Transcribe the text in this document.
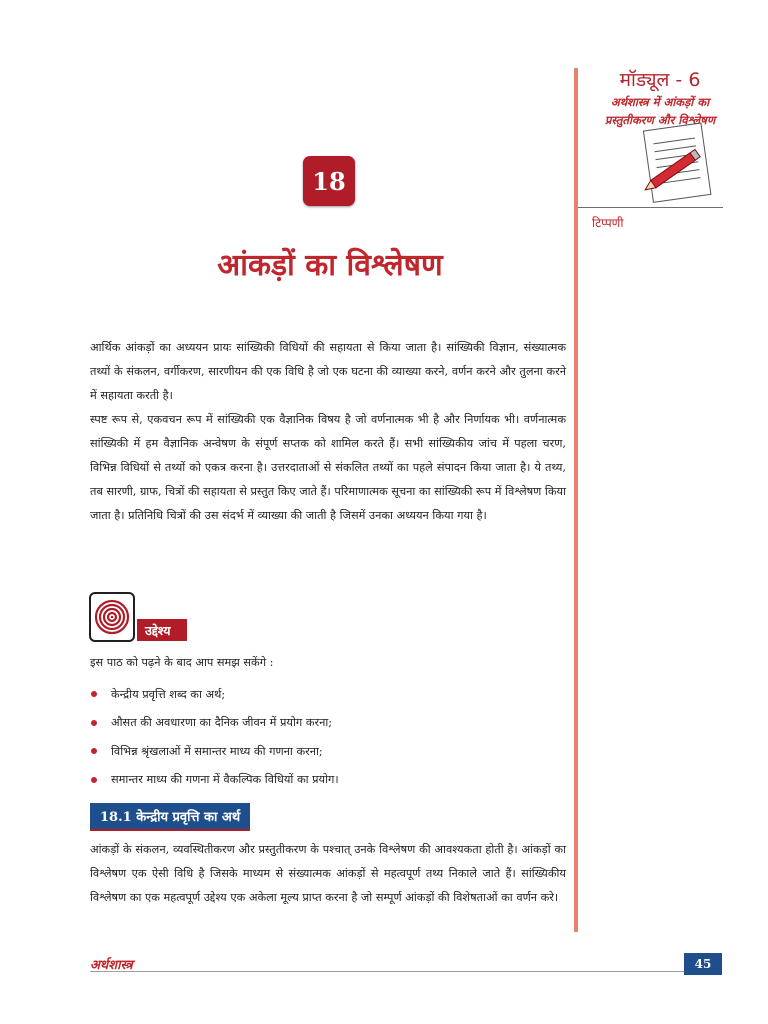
मॉड्यूल - 6
अर्थशास्त्र में आंकड़ों का
प्रस्तुतीकरण और विश्लेषण
टिप्पणी
18
आंकड़ों का विश्लेषण
आर्थिक आंकड़ों का अध्ययन प्रायः सांख्यिकी विधियों की सहायता से किया जाता है। सांख्यिकी विज्ञान, संख्यात्मक तथ्यों के संकलन, वर्गीकरण, सारणीयन की एक विधि है जो एक घटना की व्याख्या करने, वर्णन करने और तुलना करने में सहायता करती है।
स्पष्ट रूप से, एकवचन रूप में सांख्यिकी एक वैज्ञानिक विषय है जो वर्णनात्मक भी है और निर्णायक भी। वर्णनात्मक सांख्यिकी में हम वैज्ञानिक अन्वेषण के संपूर्ण सप्तक को शामिल करते हैं। सभी सांख्यिकीय जांच में पहला चरण, विभिन्न विधियों से तथ्यों को एकत्र करना है। उत्तरदाताओं से संकलित तथ्यों का पहले संपादन किया जाता है। ये तथ्य, तब सारणी, ग्राफ, चित्रों की सहायता से प्रस्तुत किए जाते हैं। परिमाणात्मक सूचना का सांख्यिकी रूप में विश्लेषण किया जाता है। प्रतिनिधि चित्रों की उस संदर्भ में व्याख्या की जाती है जिसमें उनका अध्ययन किया गया है।
उद्देश्य
इस पाठ को पढ़ने के बाद आप समझ सकेंगे :
केन्द्रीय प्रवृत्ति शब्द का अर्थ;
औसत की अवधारणा का दैनिक जीवन में प्रयोग करना;
विभिन्न श्रृंखलाओं में समान्तर माध्य की गणना करना;
समान्तर माध्य की गणना में वैकल्पिक विधियों का प्रयोग।
18.1 केन्द्रीय प्रवृत्ति का अर्थ
आंकड़ों के संकलन, व्यवस्थितीकरण और प्रस्तुतीकरण के पश्चात् उनके विश्लेषण की आवश्यकता होती है। आंकड़ों का विश्लेषण एक ऐसी विधि है जिसके माध्यम से संख्यात्मक आंकड़ों से महत्वपूर्ण तथ्य निकाले जाते हैं। सांख्यिकीय विश्लेषण का एक महत्वपूर्ण उद्देश्य एक अकेला मूल्य प्राप्त करना है जो सम्पूर्ण आंकड़ों की विशेषताओं का वर्णन करे।
अर्थशास्त्र	45
